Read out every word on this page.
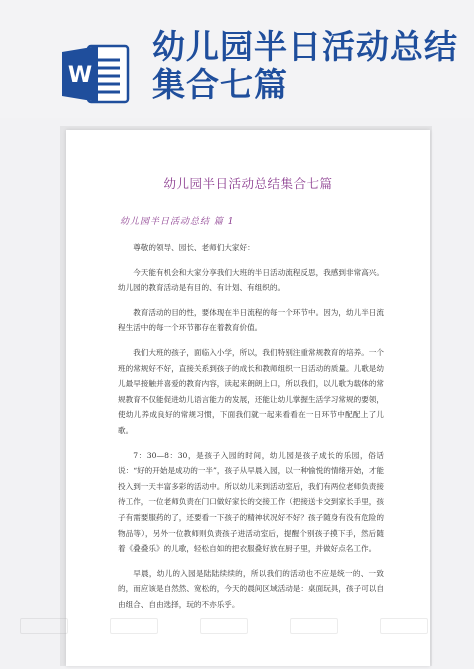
W
幼儿园半日活动总结集合七篇
幼儿园半日活动总结集合七篇
幼儿园半日活动总结 篇 1

尊敬的领导、园长、老师们大家好：

今天能有机会和大家分享我们大班的半日活动流程反思，我感到非常高兴。幼儿园的教育活动是有目的、有计划、有组织的。

教育活动的目的性，要体现在半日流程的每一个环节中。因为，幼儿半日流程生活中的每一个环节都存在着教育价值。

我们大班的孩子，面临入小学，所以，我们特别注重常规教育的培养。一个班的常规好不好，直接关系到孩子的成长和教师组织一日活动的质量。儿歌是幼儿最早接触并喜爱的教育内容，读起来朗朗上口，所以我们，以儿歌为载体的常规教育不仅能促进幼儿语言能力的发展，还能让幼儿掌握生活学习常规的要领，使幼儿养成良好的常规习惯，下面我们就一起来看看在一日环节中配配上了儿歌。

7：30—8：30，是孩子入园的时间，幼儿园是孩子成长的乐园，俗话说：“好的开始是成功的一半”，孩子从早晨入园，以一种愉悦的情绪开始，才能投入到一天丰富多彩的活动中。所以幼儿来到活动室后，我们有两位老师负责接待工作，一位老师负责在门口做好家长的交接工作（把接送卡交到家长手里，孩子有需要服药的了，还要看一下孩子的精神状况好不好？孩子随身有没有危险的物品等），另外一位教师则负责孩子进活动室后，提醒个别孩子摸下手，然后随着《叠叠乐》的儿歌，轻松自如的把衣服叠好放在厨子里，并做好点名工作。

早晨，幼儿的入园是陆陆续续的，所以我们的活动也不应是统一的、一致的，而应该是自然然、宽松的，今天的晨间区域活动是：桌面玩具，孩子可以自由组合、自由选择，玩的不亦乐乎。
